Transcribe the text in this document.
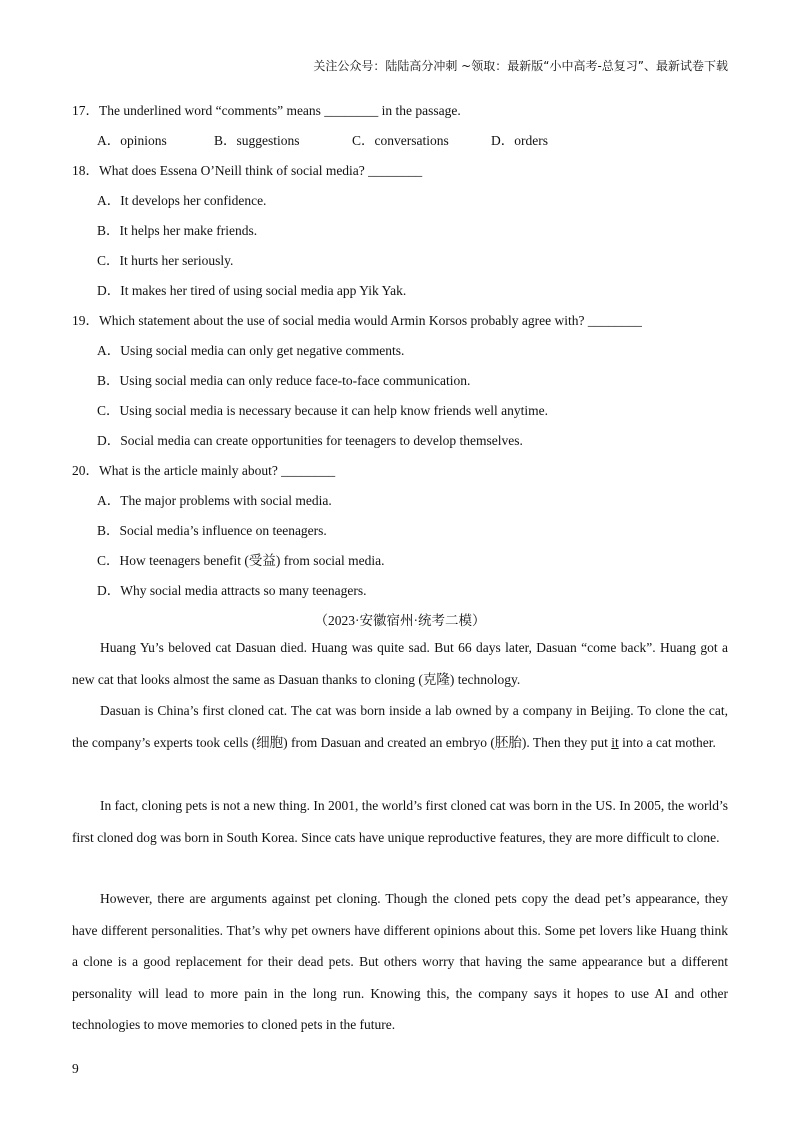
关注公众号：陆陆高分冲刺 ~领取：最新版“小中高考-总复习”、最新试卷下载
17．The underlined word “comments” means ________ in the passage.
A．opinions	B．suggestions	C．conversations	D．orders
18．What does Essena O’Neill think of social media? ________
A．It develops her confidence.
B．It helps her make friends.
C．It hurts her seriously.
D．It makes her tired of using social media app Yik Yak.
19．Which statement about the use of social media would Armin Korsos probably agree with? ________
A．Using social media can only get negative comments.
B．Using social media can only reduce face-to-face communication.
C．Using social media is necessary because it can help know friends well anytime.
D．Social media can create opportunities for teenagers to develop themselves.
20．What is the article mainly about? ________
A．The major problems with social media.
B．Social media’s influence on teenagers.
C．How teenagers benefit (受益) from social media.
D．Why social media attracts so many teenagers.
（2023·安徽宿州·统考二模）
Huang Yu’s beloved cat Dasuan died. Huang was quite sad. But 66 days later, Dasuan “come back”. Huang got a new cat that looks almost the same as Dasuan thanks to cloning (克隆) technology.
Dasuan is China’s first cloned cat. The cat was born inside a lab owned by a company in Beijing. To clone the cat, the company’s experts took cells (细胞) from Dasuan and created an embryo (胚胎). Then they put it into a cat mother.
In fact, cloning pets is not a new thing. In 2001, the world’s first cloned cat was born in the US. In 2005, the world’s first cloned dog was born in South Korea. Since cats have unique reproductive features, they are more difficult to clone.
However, there are arguments against pet cloning. Though the cloned pets copy the dead pet’s appearance, they have different personalities. That’s why pet owners have different opinions about this. Some pet lovers like Huang think a clone is a good replacement for their dead pets. But others worry that having the same appearance but a different personality will lead to more pain in the long run. Knowing this, the company says it hopes to use AI and other technologies to move memories to cloned pets in the future.
9
